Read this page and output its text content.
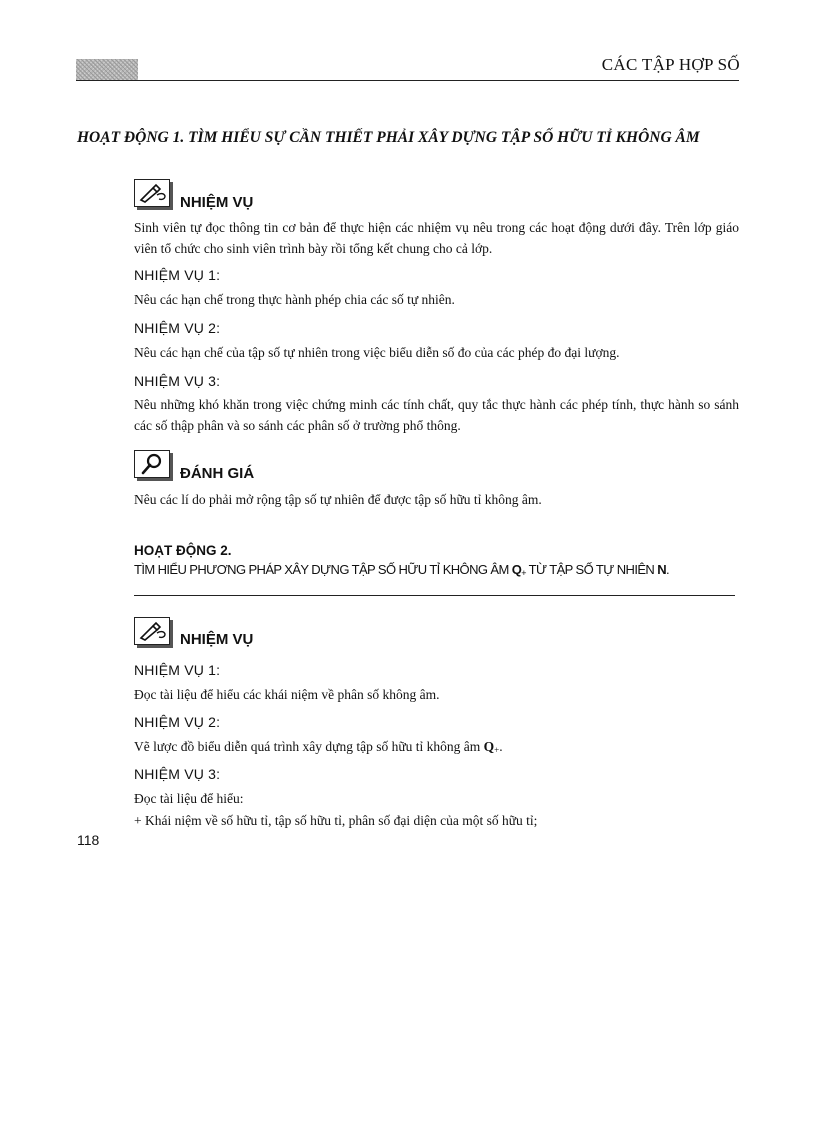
CÁC TẬP HỢP SỐ
HOẠT ĐỘNG 1. TÌM HIỂU SỰ CẦN THIẾT PHẢI XÂY DỰNG TẬP SỐ HỮU TỈ KHÔNG ÂM
NHIỆM VỤ
Sinh viên tự đọc thông tin cơ bản để thực hiện các nhiệm vụ nêu trong các hoạt động dưới đây. Trên lớp giáo viên tổ chức cho sinh viên trình bày rồi tổng kết chung cho cả lớp.
NHIỆM VỤ 1:
Nêu các hạn chế trong thực hành phép chia các số tự nhiên.
NHIỆM VỤ 2:
Nêu các hạn chế của tập số tự nhiên trong việc biểu diễn số đo của các phép đo đại lượng.
NHIỆM VỤ 3:
Nêu những khó khăn trong việc chứng minh các tính chất, quy tắc thực hành các phép tính, thực hành so sánh các số thập phân và so sánh các phân số ở trường phổ thông.
ĐÁNH GIÁ
Nêu các lí do phải mở rộng tập số tự nhiên để được tập số hữu tỉ không âm.
HOẠT ĐỘNG 2.
TÌM HIỂU PHƯƠNG PHÁP XÂY DỰNG TẬP SỐ HỮU TỈ KHÔNG ÂM $Q_+$ TỪ TẬP SỐ TỰ NHIÊN N.
NHIỆM VỤ
NHIỆM VỤ 1:
Đọc tài liệu để hiểu các khái niệm về phân số không âm.
NHIỆM VỤ 2:
Vẽ lược đồ biểu diễn quá trình xây dựng tập số hữu tỉ không âm $Q_+$.
NHIỆM VỤ 3:
Đọc tài liệu để hiểu:
+ Khái niệm về số hữu tỉ, tập số hữu tỉ, phân số đại diện của một số hữu tỉ;
118
